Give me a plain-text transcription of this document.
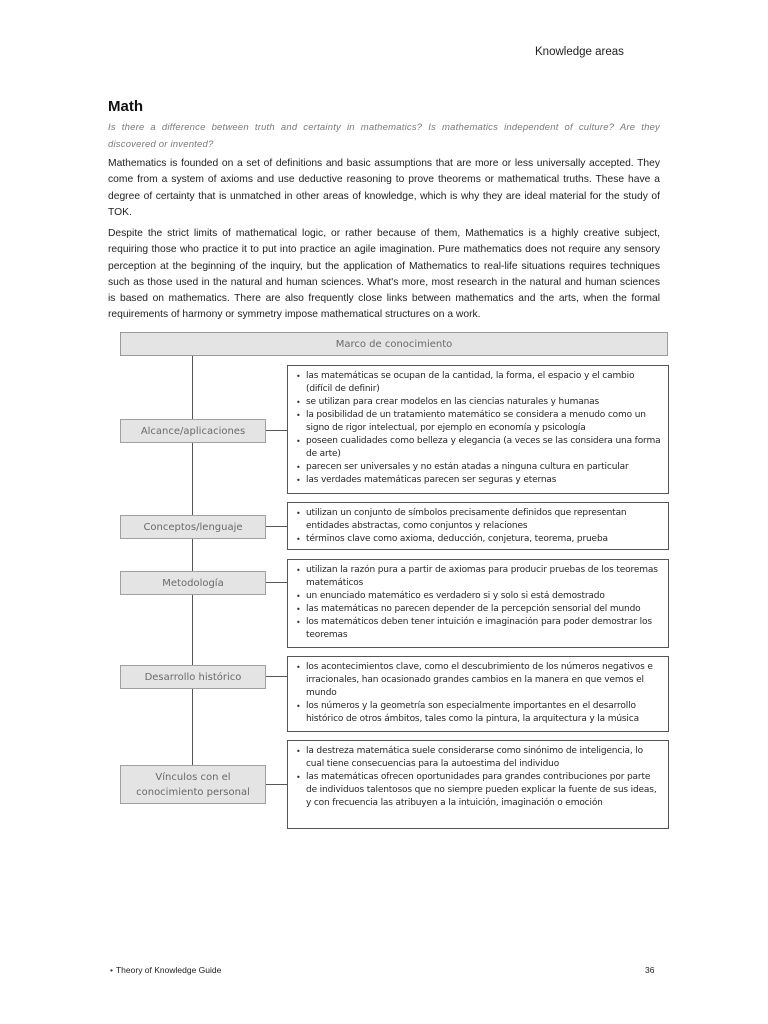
Knowledge areas
Math
Is there a difference between truth and certainty in mathematics? Is mathematics independent of culture? Are they discovered or invented?

Mathematics is founded on a set of definitions and basic assumptions that are more or less universally accepted. They come from a system of axioms and use deductive reasoning to prove theorems or mathematical truths. These have a degree of certainty that is unmatched in other areas of knowledge, which is why they are ideal material for the study of TOK.

Despite the strict limits of mathematical logic, or rather because of them, Mathematics is a highly creative subject, requiring those who practice it to put into practice an agile imagination. Pure mathematics does not require any sensory perception at the beginning of the inquiry, but the application of Mathematics to real-life situations requires techniques such as those used in the natural and human sciences. What's more, most research in the natural and human sciences is based on mathematics. There are also frequently close links between mathematics and the arts, when the formal requirements of harmony or symmetry impose mathematical structures on a work.

Marco de conocimiento
Alcance/aplicaciones
• las matemáticas se ocupan de la cantidad, la forma, el espacio y el cambio (difícil de definir)
• se utilizan para crear modelos en las ciencias naturales y humanas
• la posibilidad de un tratamiento matemático se considera a menudo como un signo de rigor intelectual, por ejemplo en economía y psicología
• poseen cualidades como belleza y elegancia (a veces se las considera una forma de arte)
• parecen ser universales y no están atadas a ninguna cultura en particular
• las verdades matemáticas parecen ser seguras y eternas
Conceptos/lenguaje
• utilizan un conjunto de símbolos precisamente definidos que representan entidades abstractas, como conjuntos y relaciones
• términos clave como axioma, deducción, conjetura, teorema, prueba
Metodología
• utilizan la razón pura a partir de axiomas para producir pruebas de los teoremas matemáticos
• un enunciado matemático es verdadero si y solo si está demostrado
• las matemáticas no parecen depender de la percepción sensorial del mundo
• los matemáticos deben tener intuición e imaginación para poder demostrar los teoremas
Desarrollo histórico
• los acontecimientos clave, como el descubrimiento de los números negativos e irracionales, han ocasionado grandes cambios en la manera en que vemos el mundo
• los números y la geometría son especialmente importantes en el desarrollo histórico de otros ámbitos, tales como la pintura, la arquitectura y la música
Vínculos con el conocimiento personal
• la destreza matemática suele considerarse como sinónimo de inteligencia, lo cual tiene consecuencias para la autoestima del individuo
• las matemáticas ofrecen oportunidades para grandes contribuciones por parte de individuos talentosos que no siempre pueden explicar la fuente de sus ideas, y con frecuencia las atribuyen a la intuición, imaginación o emoción
• Theory of Knowledge Guide	36
